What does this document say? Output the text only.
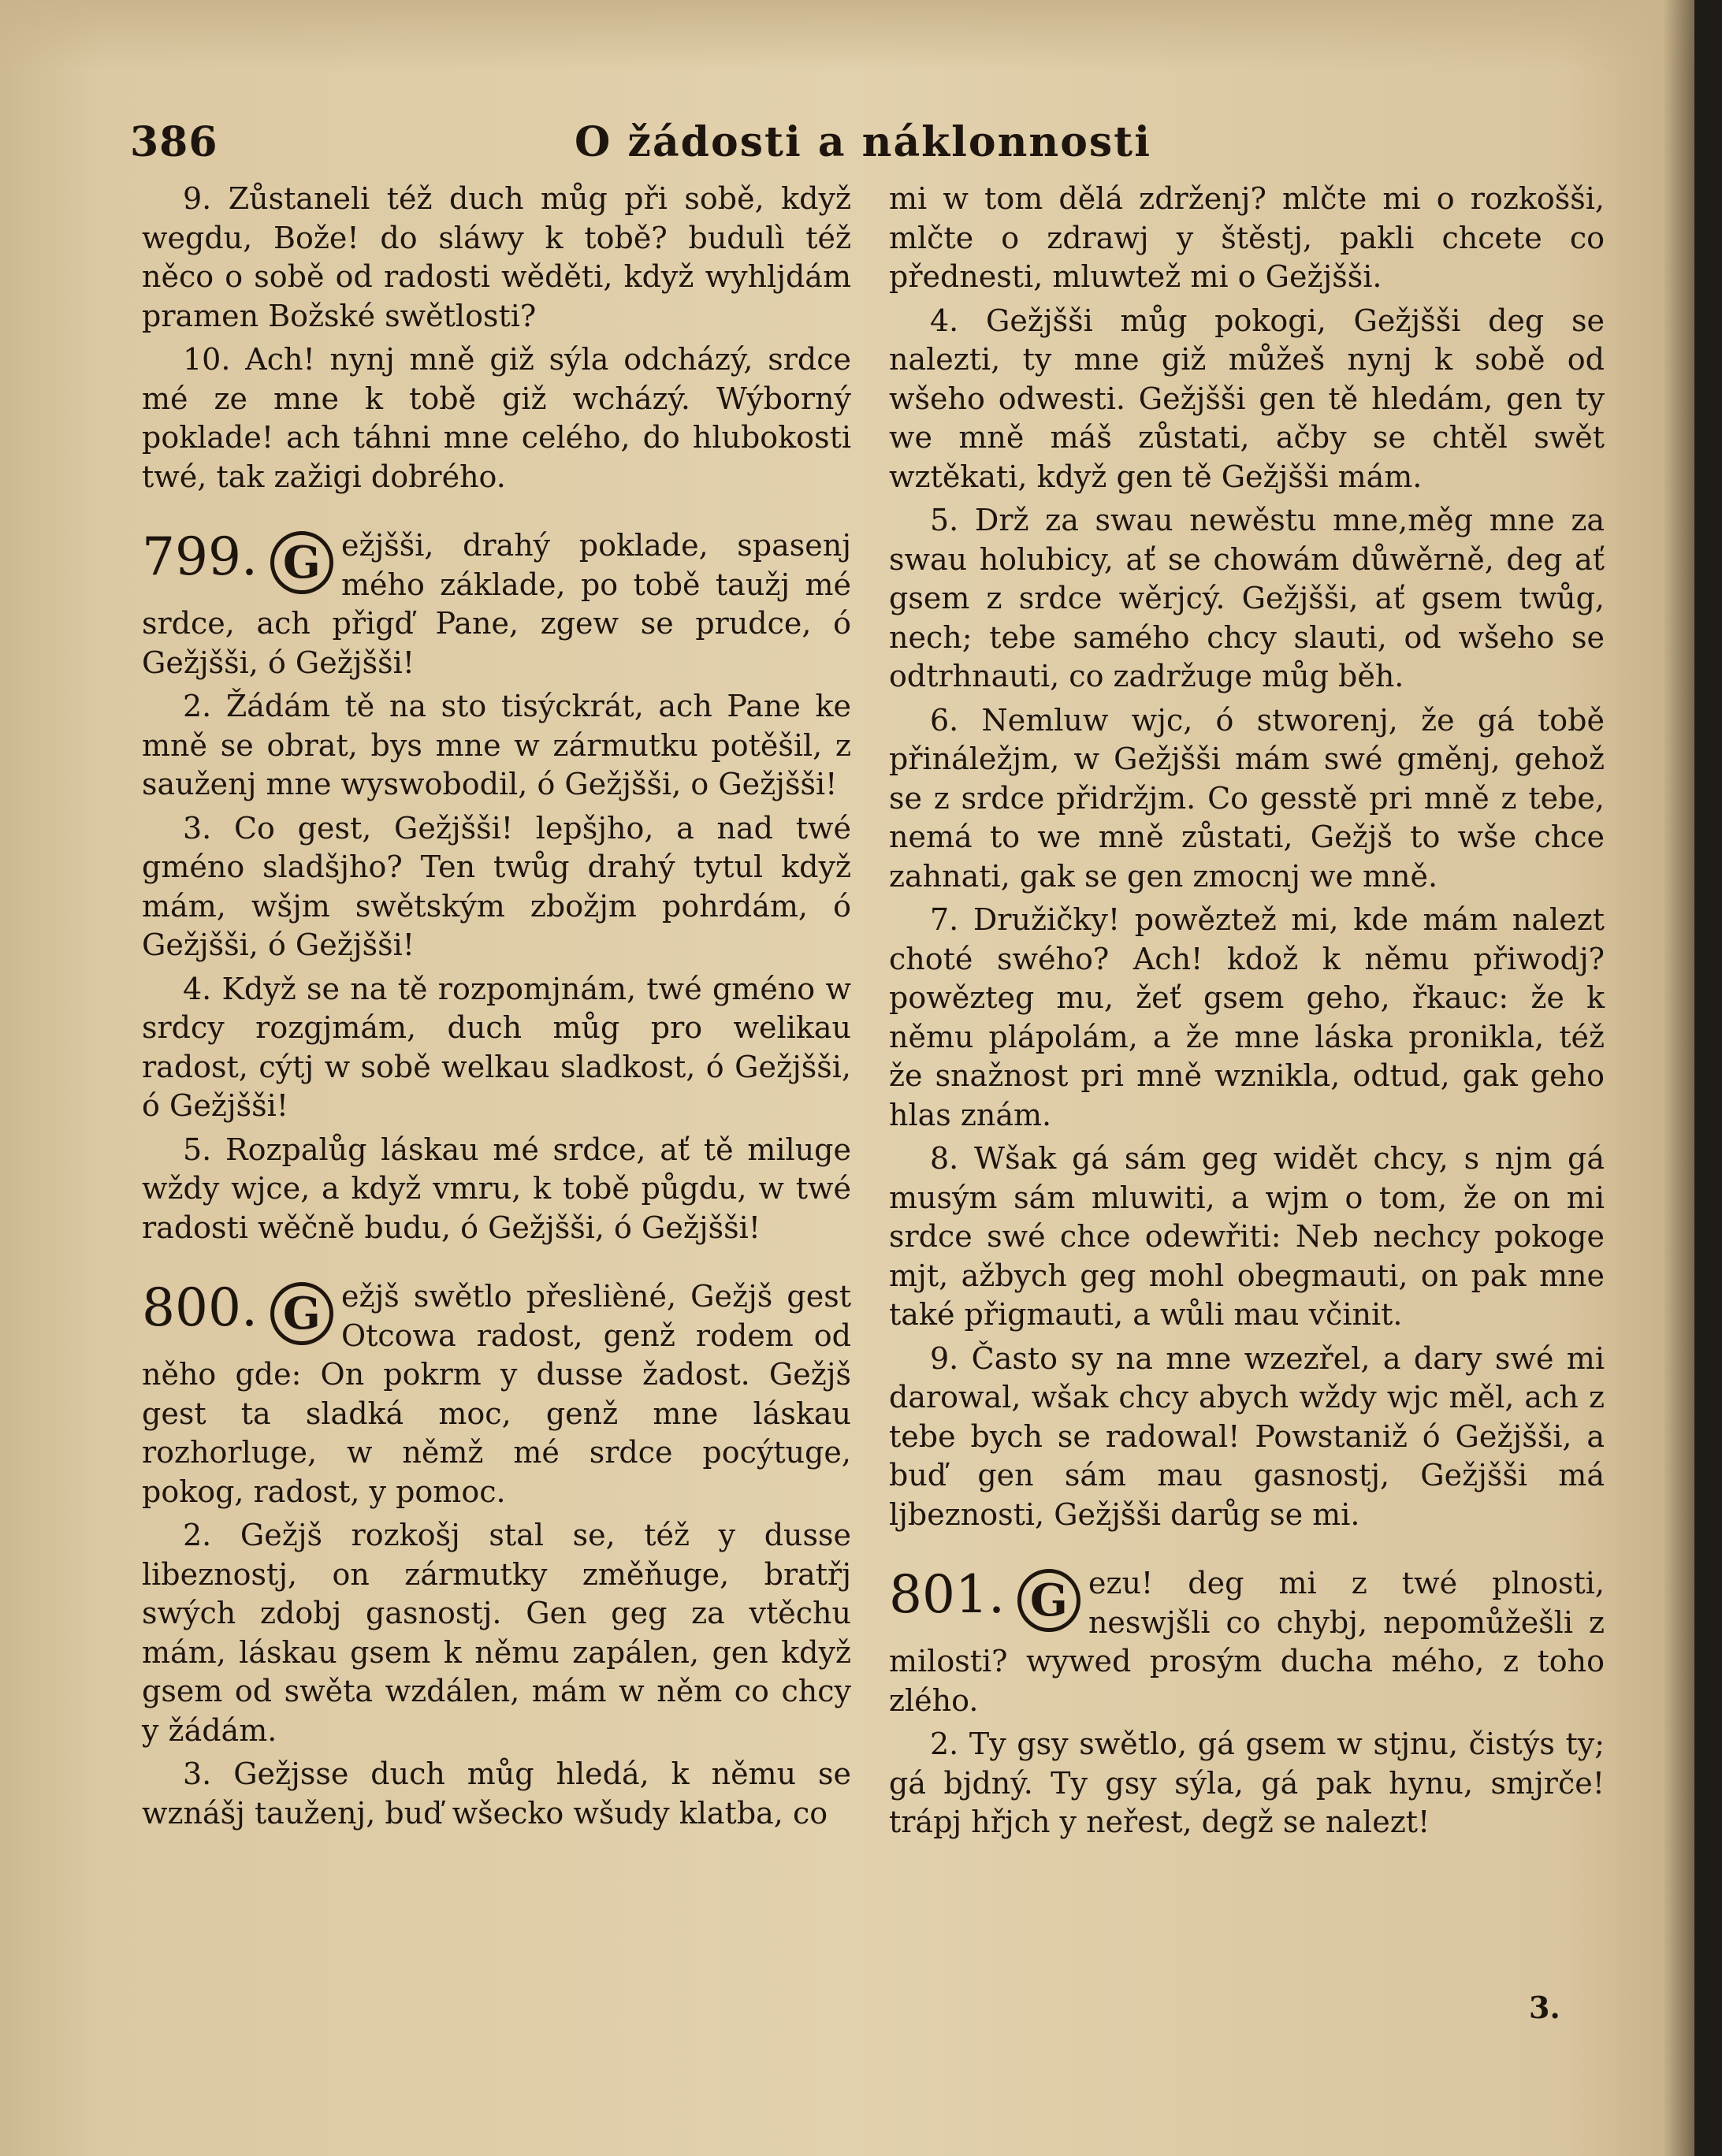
386	O žádosti a náklonnosti

9. Zůstaneli též duch můg při sobě, když wegdu, Bože! do sláwy k tobě? budulì též něco o sobě od radosti wěděti, když wyhljdám pramen Božské swětlosti?

10. Ach! nynj mně giž sýla odcházý, srdce mé ze mne k tobě giž wcházý. Wýborný poklade! ach táhni mne celého, do hlubokosti twé, tak zažigi dobrého.

799. G ežjšši, drahý poklade, spasenj mého základe, po tobě taužj mé srdce, ach přigď Pane, zgew se prudce, ó Gežjšši, ó Gežjšši!

2. Žádám tě na sto tisýckrát, ach Pane ke mně se obrat, bys mne w zármutku potěšil, z sauženj mne wyswobodil, ó Gežjšši, o Gežjšši!

3. Co gest, Gežjšši! lepšjho, a nad twé gméno sladšjho? Ten twůg drahý tytul když mám, wšjm swětským zbožjm pohrdám, ó Gežjšši, ó Gežjšši!

4. Když se na tě rozpomjnám, twé gméno w srdcy rozgjmám, duch můg pro welikau radost, cýtj w sobě welkau sladkost, ó Gežjšši, ó Gežjšši!

5. Rozpalůg láskau mé srdce, ať tě miluge wždy wjce, a když vmru, k tobě půgdu, w twé radosti wěčně budu, ó Gežjšši, ó Gežjšši!

800. G ežjš swětlo přeslièné, Gežjš gest Otcowa radost, genž rodem od něho gde: On pokrm y dusse žadost. Gežjš gest ta sladká moc, genž mne láskau rozhorluge, w němž mé srdce pocýtuge, pokog, radost, y pomoc.

2. Gežjš rozkošj stal se, též y dusse libeznostj, on zármutky změňuge, bratřj swých zdobj gasnostj. Gen geg za vtěchu mám, láskau gsem k němu zapálen, gen když gsem od swěta wzdálen, mám w něm co chcy y žádám.

3. Gežjsse duch můg hledá, k němu se wznášj tauženj, buď wšecko wšudy klatba, co

mi w tom dělá zdrženj? mlčte mi o rozkošši, mlčte o zdrawj y štěstj, pakli chcete co přednesti, mluwtež mi o Gežjšši.

4. Gežjšši můg pokogi, Gežjšši deg se nalezti, ty mne giž můžeš nynj k sobě od wšeho odwesti. Gežjšši gen tě hledám, gen ty we mně máš zůstati, ačby se chtěl swět wztěkati, když gen tě Gežjšši mám.

5. Drž za swau newěstu mne,měg mne za swau holubicy, ať se chowám důwěrně, deg ať gsem z srdce wěrjcý. Gežjšši, ať gsem twůg, nech; tebe samého chcy slauti, od wšeho se odtrhnauti, co zadržuge můg běh.

6. Nemluw wjc, ó stworenj, že gá tobě přináležjm, w Gežjšši mám swé gměnj, gehož se z srdce přidržjm. Co gesstě pri mně z tebe, nemá to we mně zůstati, Gežjš to wše chce zahnati, gak se gen zmocnj we mně.

7. Družičky! powěztež mi, kde mám nalezt choté swého? Ach! kdož k němu přiwodj? powězteg mu, žeť gsem geho, řkauc: že k němu plápolám, a že mne láska pronikla, též že snažnost pri mně wznikla, odtud, gak geho hlas znám.

8. Wšak gá sám geg widět chcy, s njm gá musým sám mluwiti, a wjm o tom, že on mi srdce swé chce odewřiti: Neb nechcy pokoge mjt, ažbych geg mohl obegmauti, on pak mne také přigmauti, a wůli mau včinit.

9. Často sy na mne wzezřel, a dary swé mi darowal, wšak chcy abych wždy wjc měl, ach z tebe bych se radowal! Powstaniž ó Gežjšši, a buď gen sám mau gasnostj, Gežjšši má ljbeznosti, Gežjšši darůg se mi.

801. G ezu! deg mi z twé plnosti, neswjšli co chybj, nepomůžešli z milosti? wywed prosým ducha mého, z toho zlého.

2. Ty gsy swětlo, gá gsem w stjnu, čistýs ty; gá bjdný. Ty gsy sýla, gá pak hynu, smjrče! trápj hřjch y neřest, degž se nalezt!

3.
